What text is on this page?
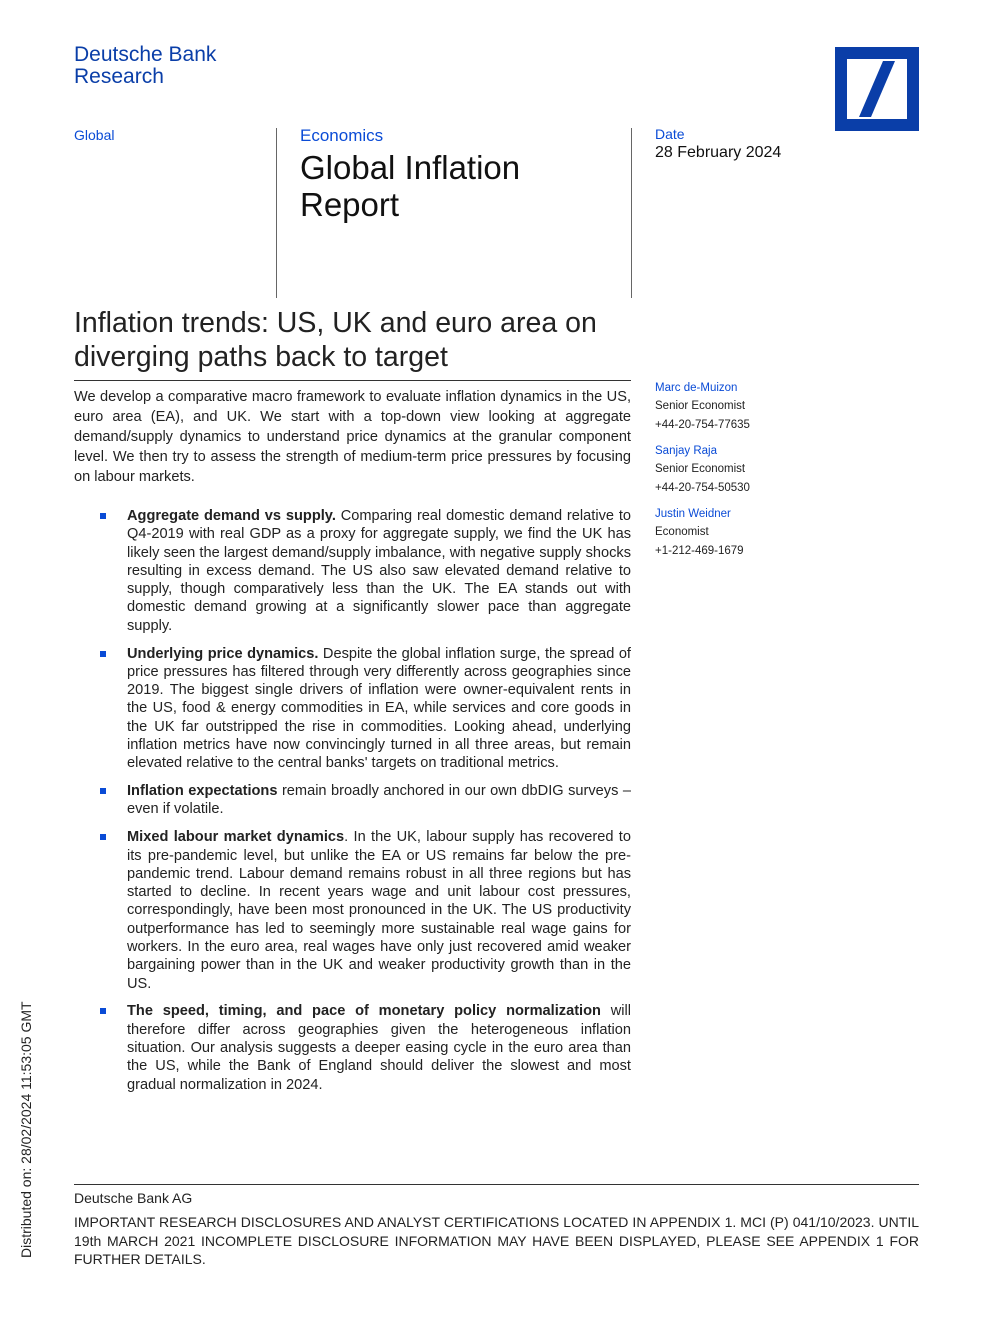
Deutsche Bank
Research
Global	Economics
Global Inflation Report
Date
28 February 2024
Inflation trends: US, UK and euro area on diverging paths back to target
We develop a comparative macro framework to evaluate inflation dynamics in the US, euro area (EA), and UK. We start with a top-down view looking at aggregate demand/supply dynamics to understand price dynamics at the granular component level. We then try to assess the strength of medium-term price pressures by focusing on labour markets.
Aggregate demand vs supply. Comparing real domestic demand relative to Q4-2019 with real GDP as a proxy for aggregate supply, we find the UK has likely seen the largest demand/supply imbalance, with negative supply shocks resulting in excess demand. The US also saw elevated demand relative to supply, though comparatively less than the UK. The EA stands out with domestic demand growing at a significantly slower pace than aggregate supply.
Underlying price dynamics. Despite the global inflation surge, the spread of price pressures has filtered through very differently across geographies since 2019. The biggest single drivers of inflation were owner-equivalent rents in the US, food & energy commodities in EA, while services and core goods in the UK far outstripped the rise in commodities. Looking ahead, underlying inflation metrics have now convincingly turned in all three areas, but remain elevated relative to the central banks' targets on traditional metrics.
Inflation expectations remain broadly anchored in our own dbDIG surveys – even if volatile.
Mixed labour market dynamics. In the UK, labour supply has recovered to its pre-pandemic level, but unlike the EA or US remains far below the pre-pandemic trend. Labour demand remains robust in all three regions but has started to decline. In recent years wage and unit labour cost pressures, correspondingly, have been most pronounced in the UK. The US productivity outperformance has led to seemingly more sustainable real wage gains for workers. In the euro area, real wages have only just recovered amid weaker bargaining power than in the UK and weaker productivity growth than in the US.
The speed, timing, and pace of monetary policy normalization will therefore differ across geographies given the heterogeneous inflation situation. Our analysis suggests a deeper easing cycle in the euro area than the US, while the Bank of England should deliver the slowest and most gradual normalization in 2024.
Marc de-Muizon
Senior Economist
+44-20-754-77635
Sanjay Raja
Senior Economist
+44-20-754-50530
Justin Weidner
Economist
+1-212-469-1679
Distributed on: 28/02/2024 11:53:05 GMT	Deutsche Bank AG
IMPORTANT RESEARCH DISCLOSURES AND ANALYST CERTIFICATIONS LOCATED IN APPENDIX 1. MCI (P) 041/10/2023. UNTIL 19th MARCH 2021 INCOMPLETE DISCLOSURE INFORMATION MAY HAVE BEEN DISPLAYED, PLEASE SEE APPENDIX 1 FOR FURTHER DETAILS.
